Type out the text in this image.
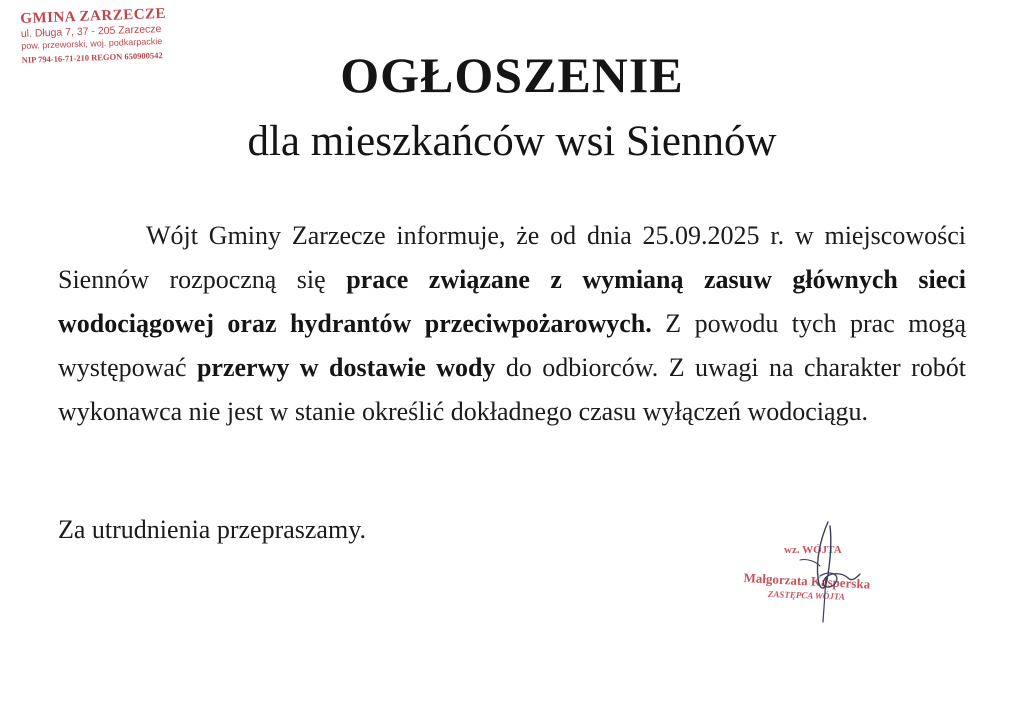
GMINA ZARZECZE
ul. Długa 7, 37 - 205 Zarzecze
pow. przeworski, woj. podkarpackie
NIP 794-16-71-210 REGON 650900542	OGŁOSZENIE
dla mieszkańców wsi Siennów
Wójt Gminy Zarzecze informuje, że od dnia 25.09.2025 r. w miejscowości Siennów rozpoczną się prace związane z wymianą zasuw głównych sieci wodociągowej oraz hydrantów przeciwpożarowych. Z powodu tych prac mogą występować przerwy w dostawie wody do odbiorców. Z uwagi na charakter robót wykonawca nie jest w stanie określić dokładnego czasu wyłączeń wodociągu.
Za utrudnienia przepraszamy.
wz. WÓJTA
Małgorzata Kasperska
ZASTĘPCA WÓJTA
